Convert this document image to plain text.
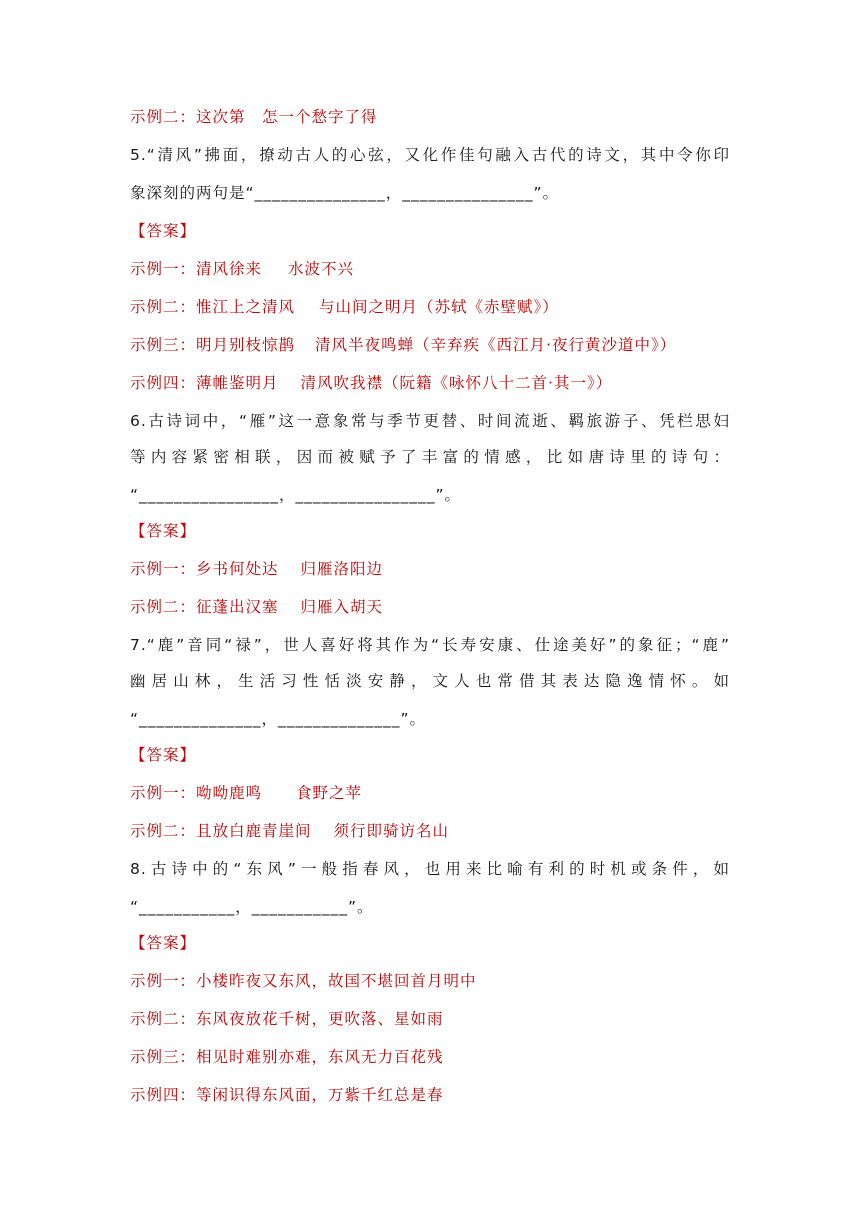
示例二：这次第　怎一个愁字了得
5.“清风”拂面，撩动古人的心弦，又化作佳句融入古代的诗文，其中令你印
象深刻的两句是“_______________，_______________”。
【答案】
示例一：清风徐来 水波不兴
示例二：惟江上之清风 与山间之明月（苏轼《赤壁赋》）
示例三：明月别枝惊鹊 清风半夜鸣蝉（辛弃疾《西江月·夜行黄沙道中》）
示例四：薄帷鉴明月 清风吹我襟（阮籍《咏怀八十二首·其一》）
6.古诗词中，“雁”这一意象常与季节更替、时间流逝、羁旅游子、凭栏思妇
等内容紧密相联，因而被赋予了丰富的情感，比如唐诗里的诗句：
“________________，________________”。
【答案】
示例一：乡书何处达 归雁洛阳边
示例二：征蓬出汉塞 归雁入胡天
7.“鹿”音同“禄”，世人喜好将其作为“长寿安康、仕途美好”的象征；“鹿”
幽居山林，生活习性恬淡安静，文人也常借其表达隐逸情怀。如
“______________，______________”。
【答案】
示例一：呦呦鹿鸣 食野之苹
示例二：且放白鹿青崖间 须行即骑访名山
8.古诗中的“东风”一般指春风，也用来比喻有利的时机或条件，如
“___________，___________”。
【答案】
示例一：小楼昨夜又东风，故国不堪回首月明中
示例二：东风夜放花千树，更吹落、星如雨
示例三：相见时难别亦难，东风无力百花残
示例四：等闲识得东风面，万紫千红总是春
